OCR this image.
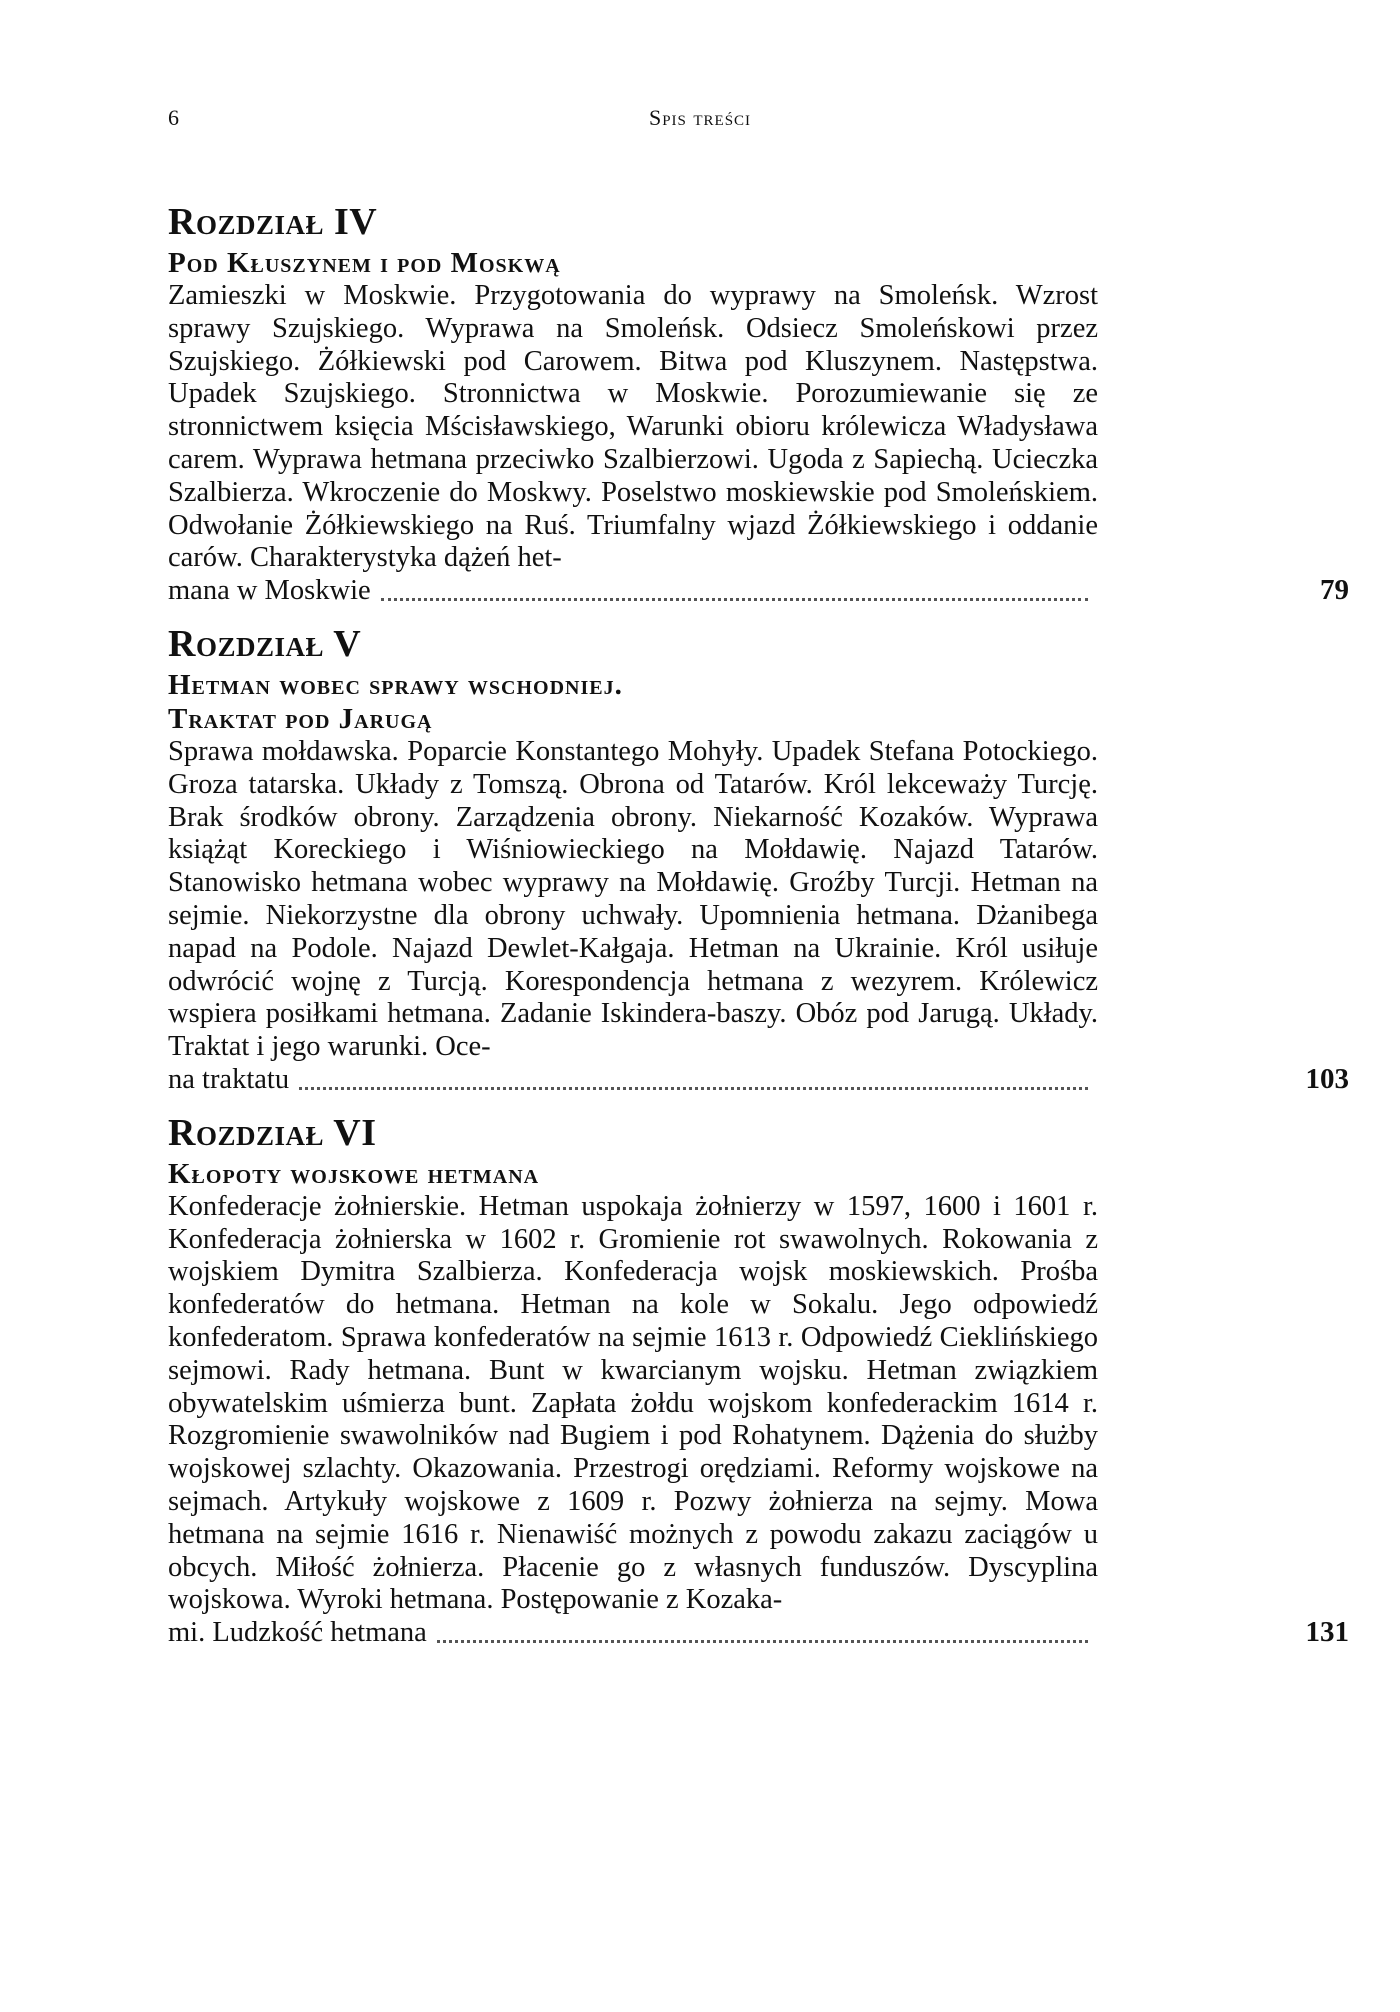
6	Spis treści
Rozdział IV
Pod Kłuszynem i pod Moskwą
Zamieszki w Moskwie. Przygotowania do wyprawy na Smoleńsk. Wzrost sprawy Szujskiego. Wyprawa na Smoleńsk. Odsiecz Smoleńskowi przez Szujskiego. Żółkiewski pod Carowem. Bitwa pod Kluszynem. Następstwa. Upadek Szujskiego. Stronnictwa w Moskwie. Porozumiewanie się ze stronnictwem księcia Mścisławskiego, Warunki obioru królewicza Władysława carem. Wyprawa hetmana przeciwko Szalbierzowi. Ugoda z Sapiechą. Ucieczka Szalbierza. Wkroczenie do Moskwy. Poselstwo moskiewskie pod Smoleńskiem. Odwołanie Żółkiewskiego na Ruś. Triumfalny wjazd Żółkiewskiego i oddanie carów. Charakterystyka dążeń het-
mana w Moskwie	79
Rozdział V
Hetman wobec sprawy wschodniej.
Traktat pod Jarugą
Sprawa mołdawska. Poparcie Konstantego Mohyły. Upadek Stefana Potockiego. Groza tatarska. Układy z Tomszą. Obrona od Tatarów. Król lekceważy Turcję. Brak środków obrony. Zarządzenia obrony. Niekarność Kozaków. Wyprawa książąt Koreckiego i Wiśniowieckiego na Mołdawię. Najazd Tatarów. Stanowisko hetmana wobec wyprawy na Mołdawię. Groźby Turcji. Hetman na sejmie. Niekorzystne dla obrony uchwały. Upomnienia hetmana. Dżanibega napad na Podole. Najazd Dewlet-Kałgaja. Hetman na Ukrainie. Król usiłuje odwrócić wojnę z Turcją. Korespondencja hetmana z wezyrem. Królewicz wspiera posiłkami hetmana. Zadanie Iskindera-baszy. Obóz pod Jarugą. Układy. Traktat i jego warunki. Oce-
na traktatu	103
Rozdział VI
Kłopoty wojskowe hetmana
Konfederacje żołnierskie. Hetman uspokaja żołnierzy w 1597, 1600 i 1601 r. Konfederacja żołnierska w 1602 r. Gromienie rot swawolnych. Rokowania z wojskiem Dymitra Szalbierza. Konfederacja wojsk moskiewskich. Prośba konfederatów do hetmana. Hetman na kole w Sokalu. Jego odpowiedź konfederatom. Sprawa konfederatów na sejmie 1613 r. Odpowiedź Cieklińskiego sejmowi. Rady hetmana. Bunt w kwarcianym wojsku. Hetman związkiem obywatelskim uśmierza bunt. Zapłata żołdu wojskom konfederackim 1614 r. Rozgromienie swawolników nad Bugiem i pod Rohatynem. Dążenia do służby wojskowej szlachty. Okazowania. Przestrogi orędziami. Reformy wojskowe na sejmach. Artykuły wojskowe z 1609 r. Pozwy żołnierza na sejmy. Mowa hetmana na sejmie 1616 r. Nienawiść możnych z powodu zakazu zaciągów u obcych. Miłość żołnierza. Płacenie go z własnych funduszów. Dyscyplina wojskowa. Wyroki hetmana. Postępowanie z Kozaka-
mi. Ludzkość hetmana	131
